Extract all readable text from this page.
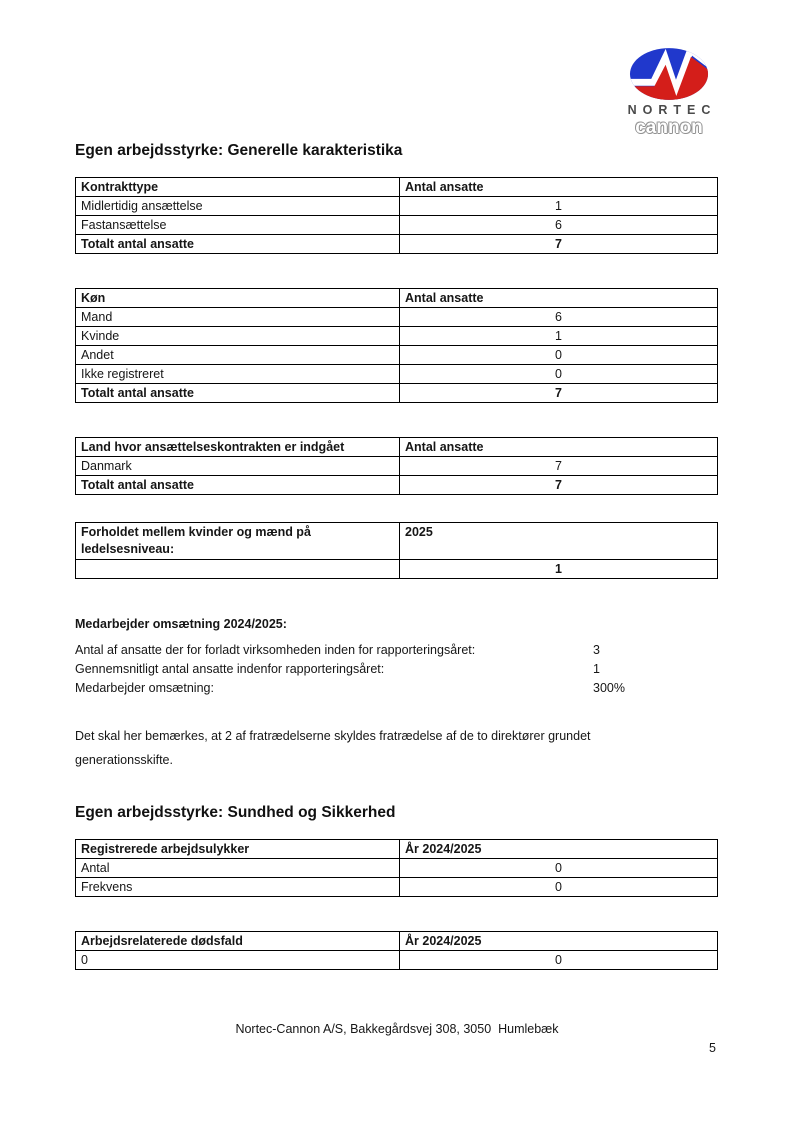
NORTEC
cannon
Egen arbejdsstyrke: Generelle karakteristika
Kontrakttype	Antal ansatte
Midlertidig ansættelse	1
Fastansættelse	6
Totalt antal ansatte	7
Køn	Antal ansatte
Mand	6
Kvinde	1
Andet	0
Ikke registreret	0
Totalt antal ansatte	7
Land hvor ansættelseskontrakten er indgået	Antal ansatte
Danmark	7
Totalt antal ansatte	7
Forholdet mellem kvinder og mænd på ledelsesniveau:	2025
	1
Medarbejder omsætning 2024/2025:
Antal af ansatte der for forladt virksomheden inden for rapporteringsåret:	3
Gennemsnitligt antal ansatte indenfor rapporteringsåret:	1
Medarbejder omsætning:	300%
Det skal her bemærkes, at 2 af fratrædelserne skyldes fratrædelse af de to direktører grundet generationsskifte.
Egen arbejdsstyrke: Sundhed og Sikkerhed
Registrerede arbejdsulykker	År 2024/2025
Antal	0
Frekvens	0
Arbejdsrelaterede dødsfald	År 2024/2025
0	0
Nortec-Cannon A/S, Bakkegårdsvej 308, 3050  Humlebæk
5
